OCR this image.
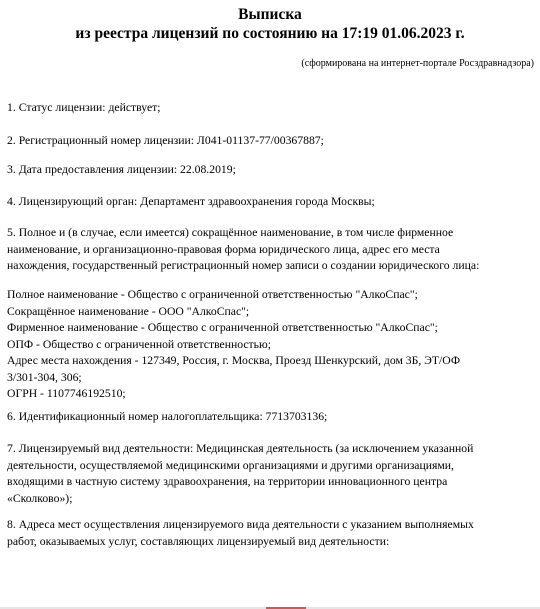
Выписка
из реестра лицензий по состоянию на 17:19 01.06.2023 г.
(сформирована на интернет-портале Росздравнадзора)
1. Статус лицензии: действует;
2. Регистрационный номер лицензии: Л041-01137-77/00367887;
3. Дата предоставления лицензии: 22.08.2019;
4. Лицензирующий орган: Департамент здравоохранения города Москвы;
5. Полное и (в случае, если имеется) сокращённое наименование, в том числе фирменное
наименование, и организационно-правовая форма юридического лица, адрес его места
нахождения, государственный регистрационный номер записи о создании юридического лица:
Полное наименование - Общество с ограниченной ответственностью "АлкоСпас";
Сокращённое наименование - ООО "АлкоСпас";
Фирменное наименование - Общество с ограниченной ответственностью "АлкоСпас";
ОПФ - Общество с ограниченной ответственностью;
Адрес места нахождения - 127349, Россия, г. Москва, Проезд Шенкурский, дом 3Б, ЭТ/ОФ
3/301-304, 306;
ОГРН - 1107746192510;
6. Идентификационный номер налогоплательщика: 7713703136;
7. Лицензируемый вид деятельности: Медицинская деятельность (за исключением указанной
деятельности, осуществляемой медицинскими организациями и другими организациями,
входящими в частную систему здравоохранения, на территории инновационного центра
«Сколково»);
8. Адреса мест осуществления лицензируемого вида деятельности с указанием выполняемых
работ, оказываемых услуг, составляющих лицензируемый вид деятельности:
